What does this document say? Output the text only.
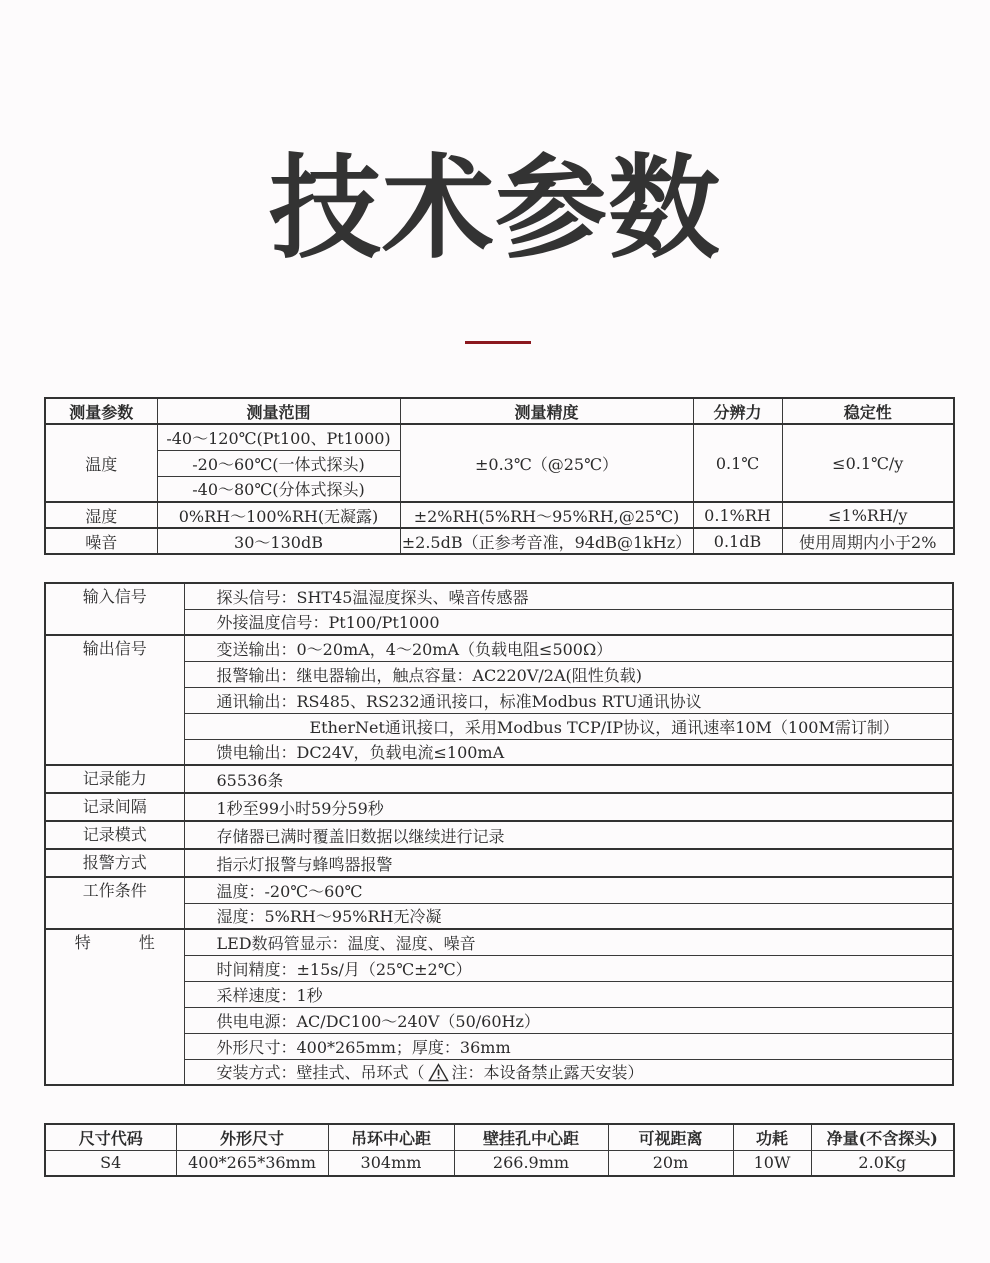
技术参数
测量参数	测量范围	测量精度	分辨力	稳定性
温度	-40～120℃(Pt100、Pt1000)	±0.3℃（@25℃）	0.1℃	≤0.1℃/y
	-20～60℃(一体式探头)			
	-40～80℃(分体式探头)			
湿度	0%RH～100%RH(无凝露)	±2%RH(5%RH～95%RH,@25℃)	0.1%RH	≤1%RH/y
噪音	30～130dB	±2.5dB（正参考音准，94dB@1kHz）	0.1dB	使用周期内小于2%
输入信号	探头信号：SHT45温湿度探头、噪音传感器
	外接温度信号：Pt100/Pt1000
输出信号	变送输出：0～20mA，4～20mA（负载电阻≤500Ω）
	报警输出：继电器输出，触点容量：AC220V/2A(阻性负载)
	通讯输出：RS485、RS232通讯接口，标准Modbus RTU通讯协议
	EtherNet通讯接口，采用Modbus TCP/IP协议，通讯速率10M（100M需订制）
	馈电输出：DC24V，负载电流≤100mA
记录能力	65536条
记录间隔	1秒至99小时59分59秒
记录模式	存储器已满时覆盖旧数据以继续进行记录
报警方式	指示灯报警与蜂鸣器报警
工作条件	温度：-20℃～60℃
	湿度：5%RH～95%RH无冷凝
特　　　性	LED数码管显示：温度、湿度、噪音
	时间精度：±15s/月（25℃±2℃）
	采样速度：1秒
	供电电源：AC/DC100～240V（50/60Hz）
	外形尺寸：400*265mm；厚度：36mm
	安装方式：壁挂式、吊环式（ 注：本设备禁止露天安装）
尺寸代码	外形尺寸	吊环中心距	壁挂孔中心距	可视距离	功耗	净量(不含探头)
S4	400*265*36mm	304mm	266.9mm	20m	10W	2.0Kg
